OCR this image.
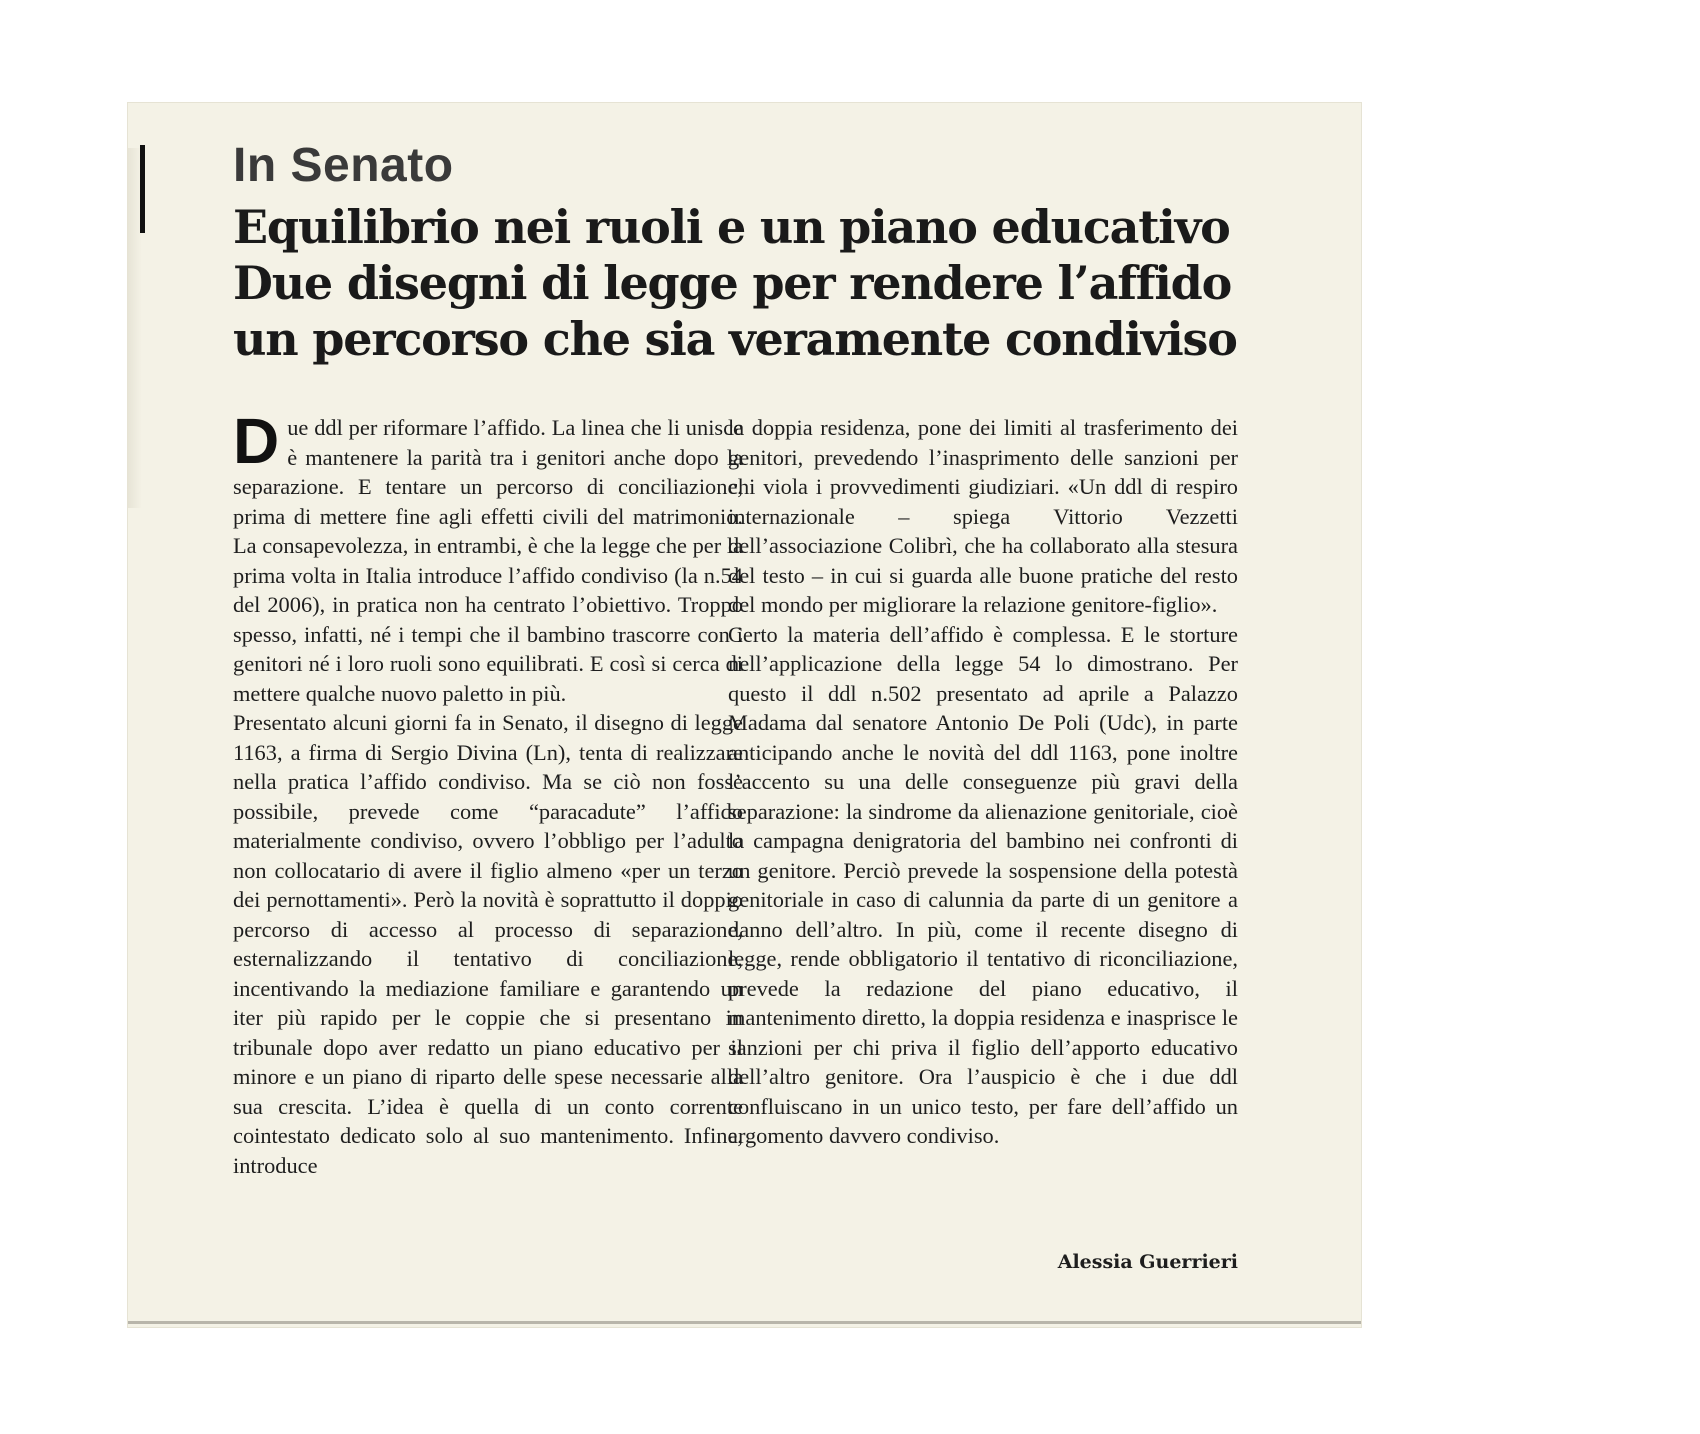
In Senato
Equilibrio nei ruoli e un piano educativo
Due disegni di legge per rendere l’affido
un percorso che sia veramente condiviso

Due ddl per riformare l’affido. La linea che li unisce è mantenere la parità tra i genitori anche dopo la separazione. E tentare un percorso di conciliazione, prima di mettere fine agli effetti civili del matrimonio. La consapevolezza, in entrambi, è che la legge che per la prima volta in Italia introduce l’affido condiviso (la n.54 del 2006), in pratica non ha centrato l’obiettivo. Troppo spesso, infatti, né i tempi che il bambino trascorre con i genitori né i loro ruoli sono equilibrati. E così si cerca di mettere qualche nuovo paletto in più.

Presentato alcuni giorni fa in Senato, il disegno di legge 1163, a firma di Sergio Divina (Ln), tenta di realizzare nella pratica l’affido condiviso. Ma se ciò non fosse possibile, prevede come “paracadute” l’affido materialmente condiviso, ovvero l’obbligo per l’adulto non collocatario di avere il figlio almeno «per un terzo dei pernottamenti». Però la novità è soprattutto il doppio percorso di accesso al processo di separazione, esternalizzando il tentativo di conciliazione, incentivando la mediazione familiare e garantendo un iter più rapido per le coppie che si presentano in tribunale dopo aver redatto un piano educativo per il minore e un piano di riparto delle spese necessarie alla sua crescita. L’idea è quella di un conto corrente cointestato dedicato solo al suo mantenimento. Infine, introduce

la doppia residenza, pone dei limiti al trasferimento dei genitori, prevedendo l’inasprimento delle sanzioni per chi viola i provvedimenti giudiziari. «Un ddl di respiro internazionale – spiega Vittorio Vezzetti dell’associazione Colibrì, che ha collaborato alla stesura del testo – in cui si guarda alle buone pratiche del resto del mondo per migliorare la relazione genitore-figlio».

Certo la materia dell’affido è complessa. E le storture nell’applicazione della legge 54 lo dimostrano. Per questo il ddl n.502 presentato ad aprile a Palazzo Madama dal senatore Antonio De Poli (Udc), in parte anticipando anche le novità del ddl 1163, pone inoltre l’accento su una delle conseguenze più gravi della separazione: la sindrome da alienazione genitoriale, cioè la campagna denigratoria del bambino nei confronti di un genitore. Perciò prevede la sospensione della potestà genitoriale in caso di calunnia da parte di un genitore a danno dell’altro. In più, come il recente disegno di legge, rende obbligatorio il tentativo di riconciliazione, prevede la redazione del piano educativo, il mantenimento diretto, la doppia residenza e inasprisce le sanzioni per chi priva il figlio dell’apporto educativo dell’altro genitore. Ora l’auspicio è che i due ddl confluiscano in un unico testo, per fare dell’affido un argomento davvero condiviso.

Alessia Guerrieri
